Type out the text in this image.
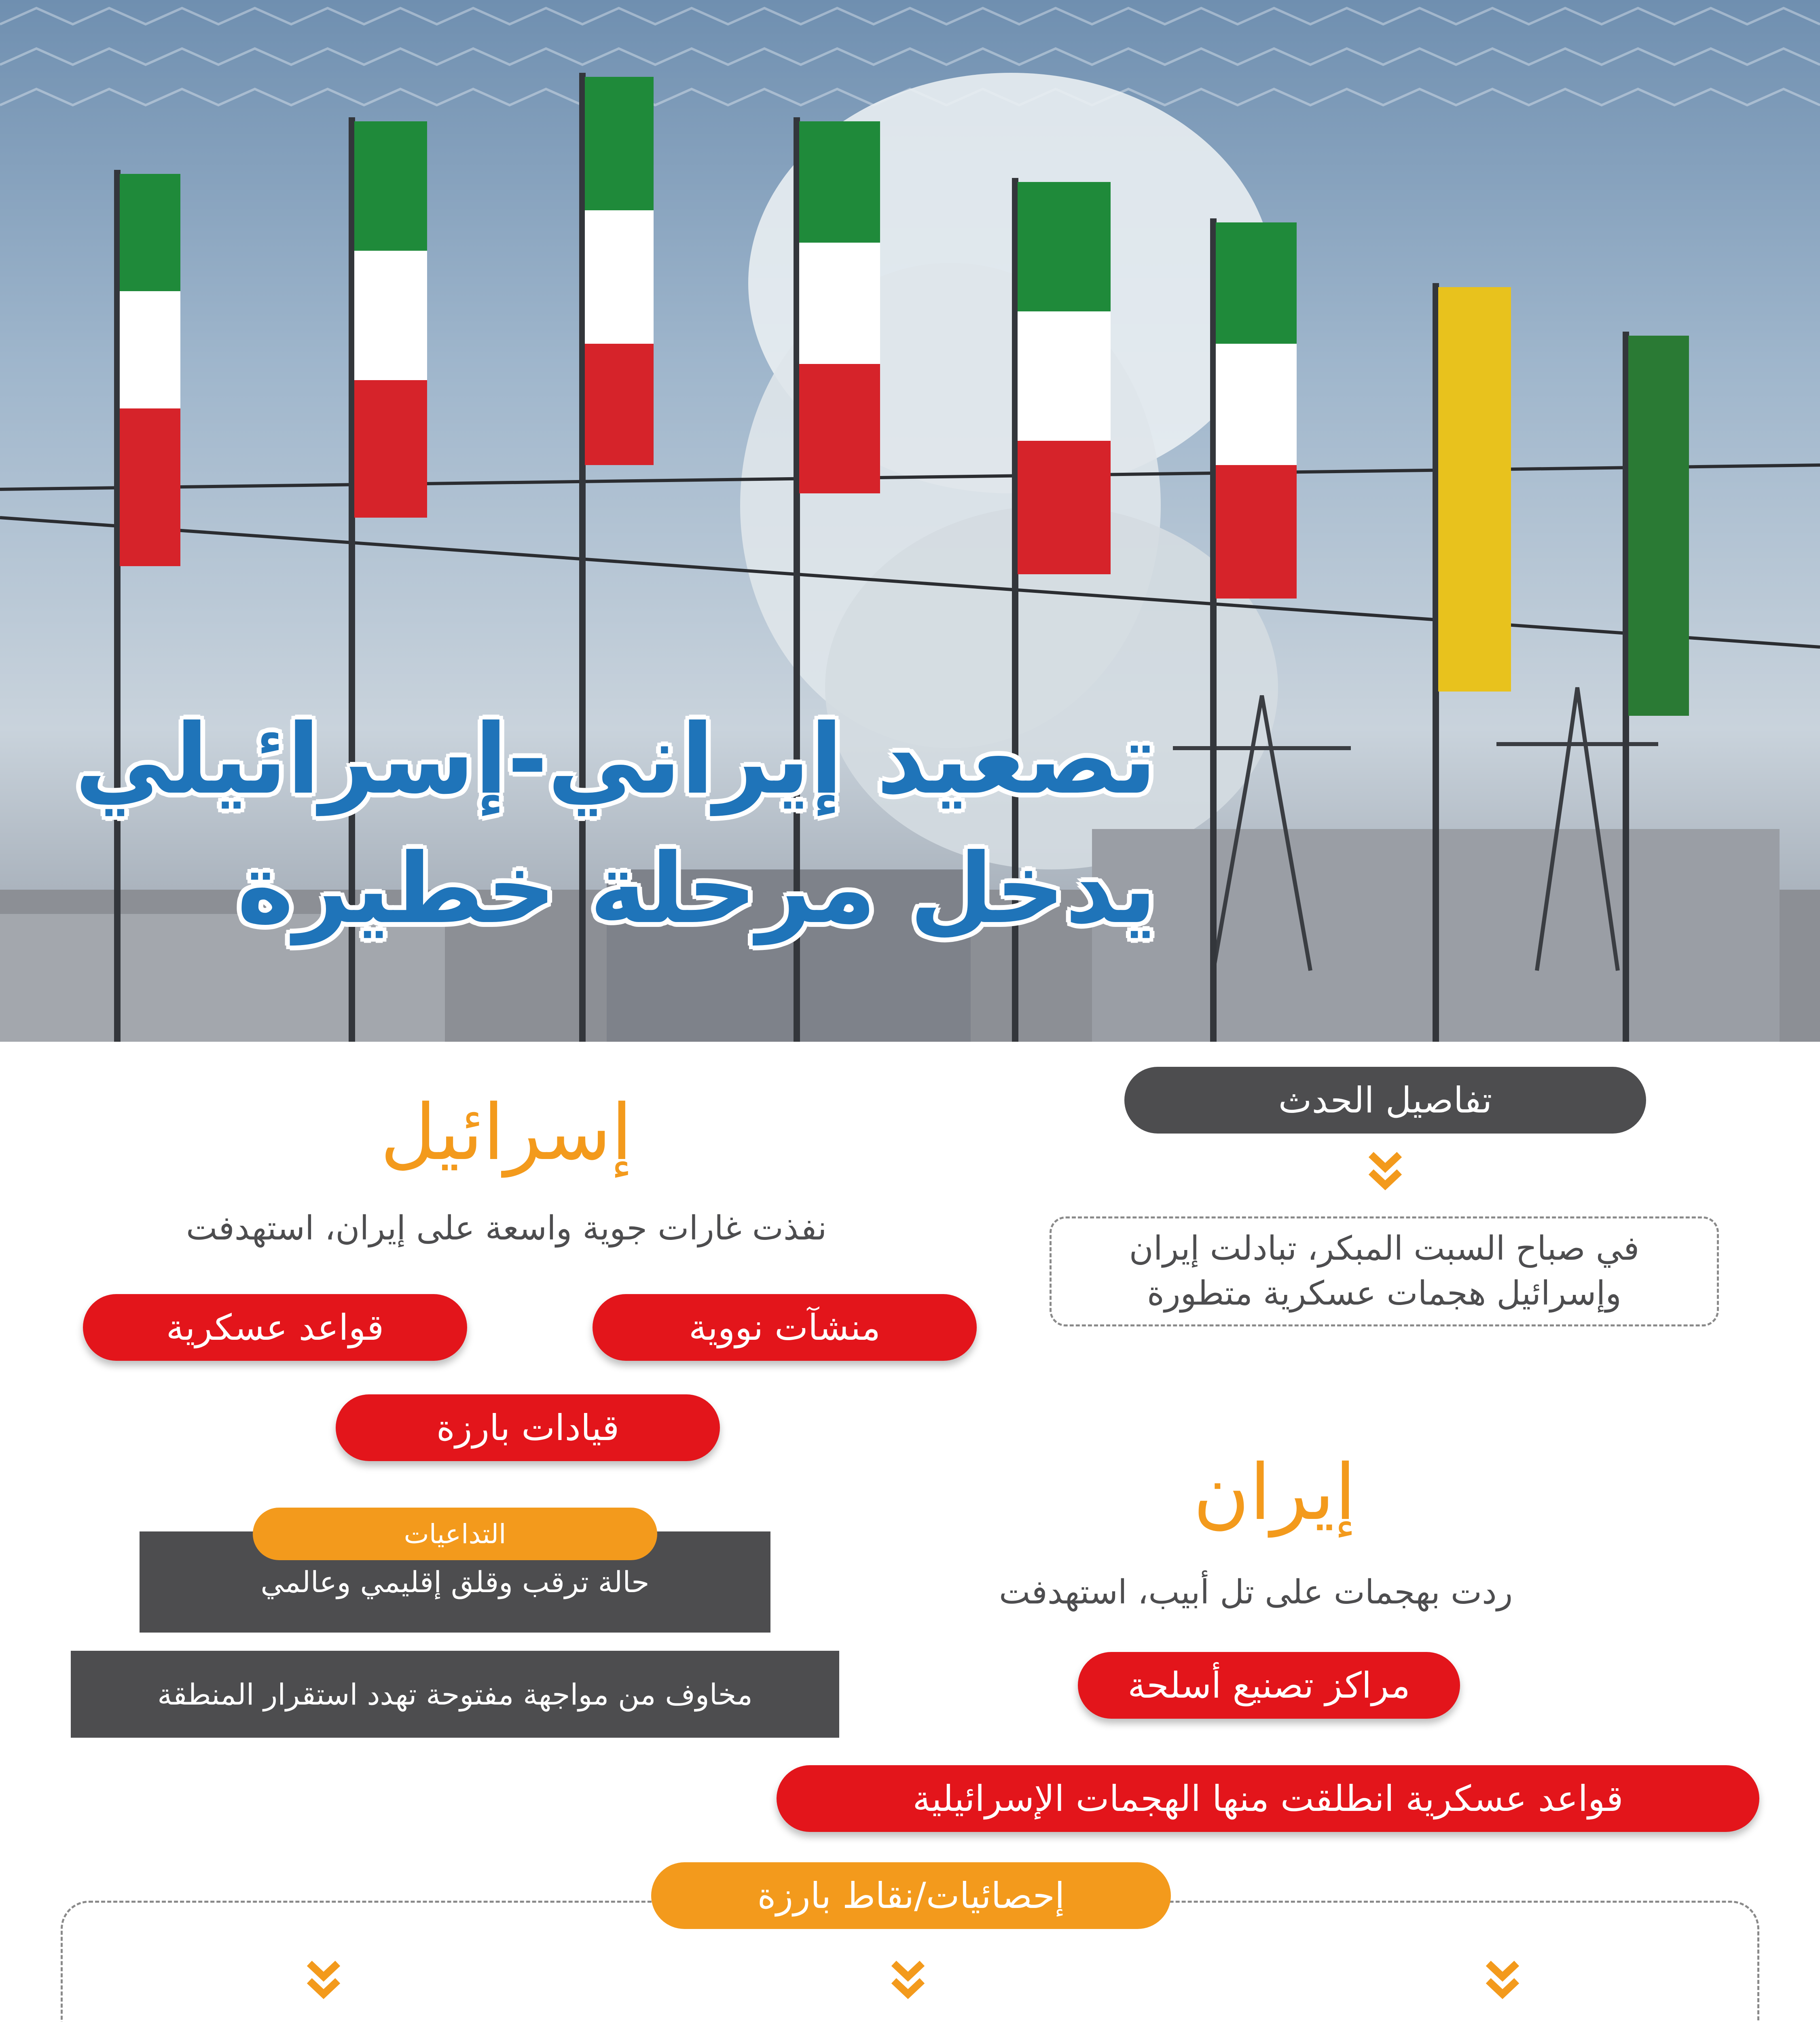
تصعيد إيراني-إسرائيلي
يدخل مرحلة خطيرة
تفاصيل الحدث
في صباح السبت المبكر، تبادلت إيران
وإسرائيل هجمات عسكرية متطورة
إسرائيل
نفذت غارات جوية واسعة على إيران، استهدفت
منشآت نووية
قواعد عسكرية
قيادات بارزة
حالة ترقب وقلق إقليمي وعالمي
التداعيات
مخاوف من مواجهة مفتوحة تهدد استقرار المنطقة
إيران
ردت بهجمات على تل أبيب، استهدفت
مراكز تصنيع أسلحة
قواعد عسكرية انطلقت منها الهجمات الإسرائيلية
إحصائيات/نقاط بارزة
